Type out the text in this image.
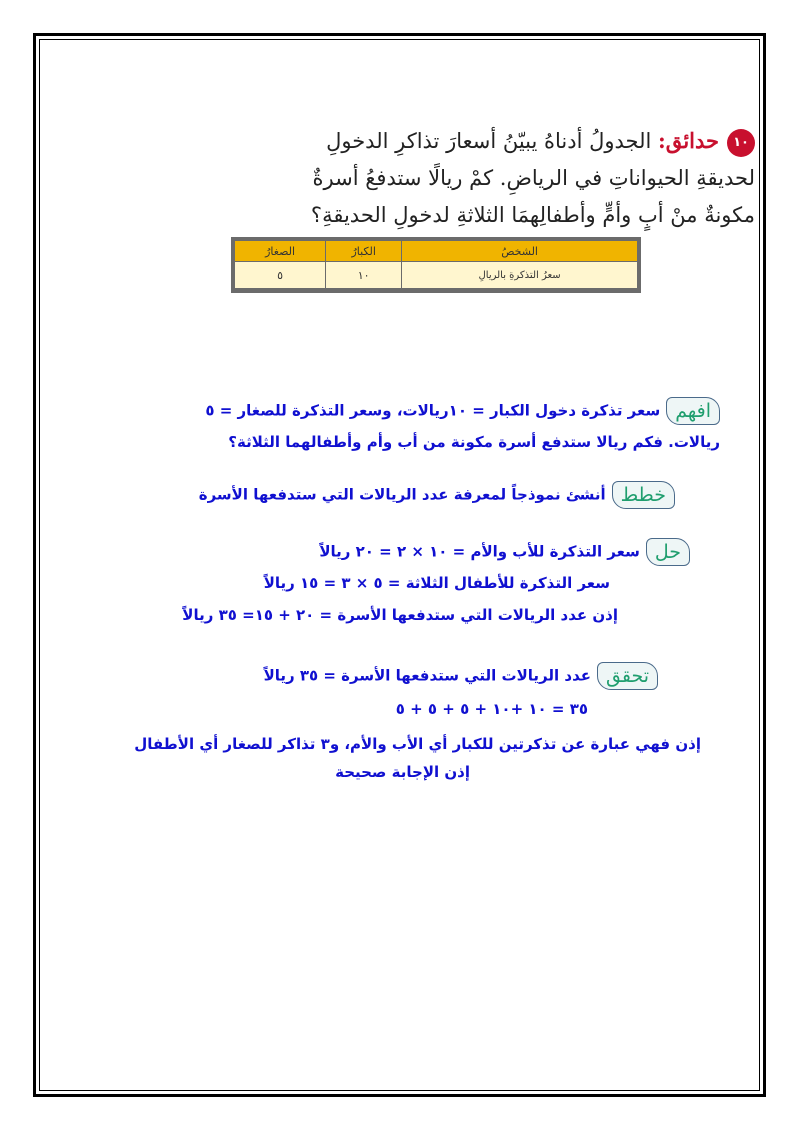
١٠حدائق: الجدولُ أدناهُ يبيّنُ أسعارَ تذاكرِ الدخولِ
لحديقةِ الحيواناتِ في الرياضِ. كمْ ريالًا ستدفعُ أسرةٌ
مكونةٌ منْ أبٍ وأمٍّ وأطفالِهمَا الثلاثةِ لدخولِ الحديقةِ؟
الشخصُ	الكبارُ	الصغارُ
سعرُ التذكرةِ بالريالِ	١٠	٥
افهمسعر تذكرة دخول الكبار = ١٠ريالات، وسعر التذكرة للصغار = ٥
ريالات. فكم ريالا ستدفع أسرة مكونة من أب وأم وأطفالهما الثلاثة؟
خططأنشئ نموذجاً لمعرفة عدد الريالات التي ستدفعها الأسرة
حلسعر التذكرة للأب والأم = ١٠ × ٢ = ٢٠ ريالاً
سعر التذكرة للأطفال الثلاثة = ٥ × ٣ = ١٥ ريالاً
إذن عدد الريالات التي ستدفعها الأسرة = ٢٠ + ١٥= ٣٥ ريالاً
تحققعدد الريالات التي ستدفعها الأسرة = ٣٥ ريالاً
٣٥ = ١٠ +١٠ + ٥ + ٥ + ٥
إذن فهي عبارة عن تذكرتين للكبار أي الأب والأم، و٣ تذاكر للصغار أي الأطفال
إذن الإجابة صحيحة
